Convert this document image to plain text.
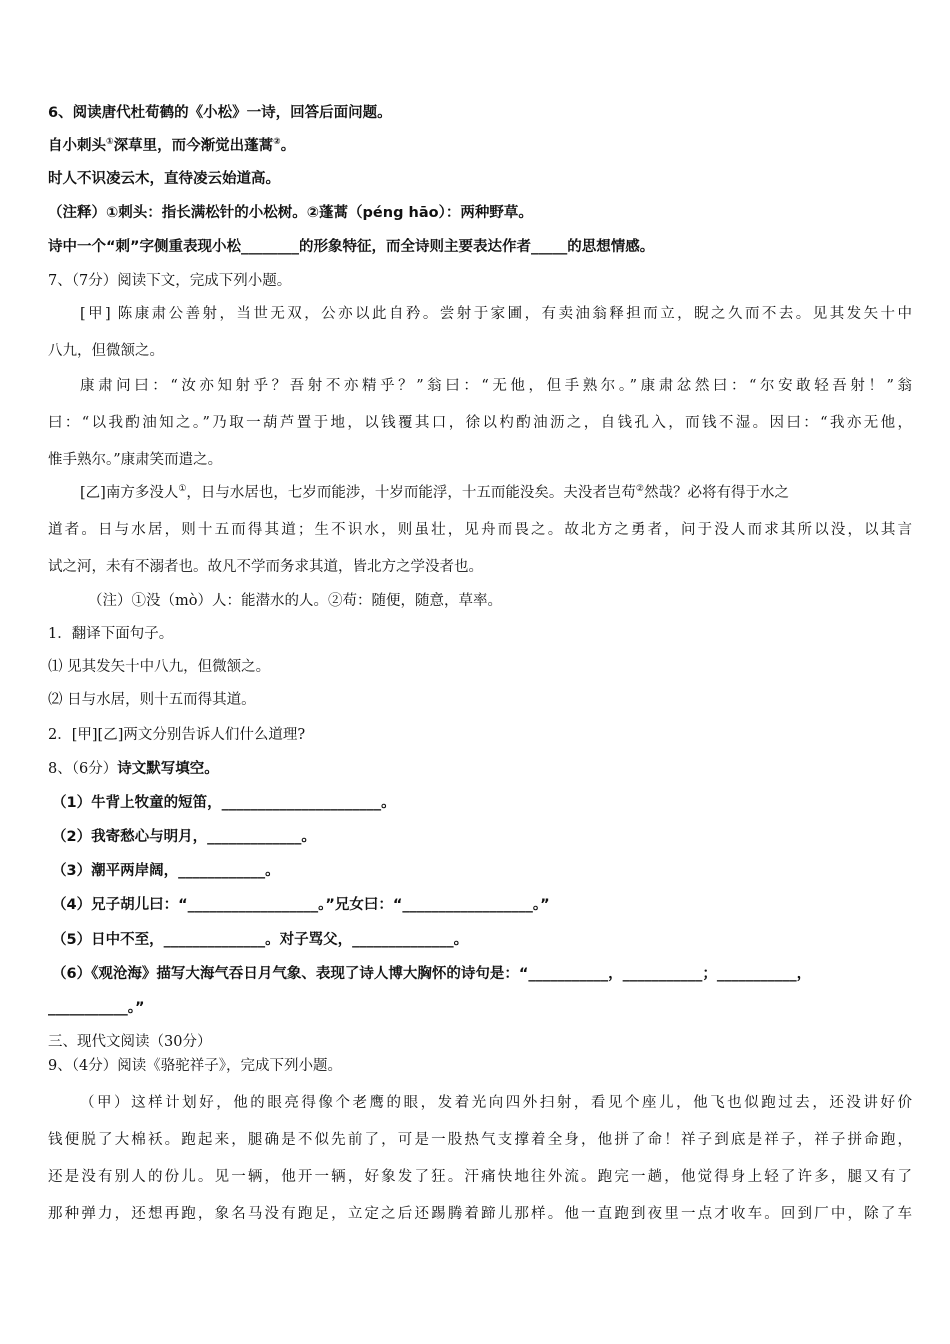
6、阅读唐代杜荀鹤的《小松》一诗，回答后面问题。
自小刺头①深草里，而今渐觉出蓬蒿②。
时人不识凌云木，直待凌云始道高。
（注释）①刺头：指长满松针的小松树。②蓬蒿（péng hāo）：两种野草。
诗中一个“刺”字侧重表现小松________的形象特征，而全诗则主要表达作者_____的思想情感。
7、（7分）阅读下文，完成下列小题。
[甲] 陈康肃公善射，当世无双，公亦以此自矜。尝射于家圃，有卖油翁释担而立，睨之久而不去。见其发矢十中
八九，但微颔之。
康肃问曰：“汝亦知射乎？吾射不亦精乎？”翁曰：“无他，但手熟尔。”康肃忿然曰：“尔安敢轻吾射！”翁
曰：“以我酌油知之。”乃取一葫芦置于地，以钱覆其口，徐以杓酌油沥之，自钱孔入，而钱不湿。因曰：“我亦无他，
惟手熟尔。”康肃笑而遣之。
[乙]南方多没人①，日与水居也，七岁而能涉，十岁而能浮，十五而能没矣。夫没者岂苟②然哉？必将有得于水之
道者。日与水居，则十五而得其道；生不识水，则虽壮，见舟而畏之。故北方之勇者，问于没人而求其所以没，以其言
试之河，未有不溺者也。故凡不学而务求其道，皆北方之学没者也。
（注）①没（mò）人：能潜水的人。②苟：随便，随意，草率。
1．翻译下面句子。
⑴ 见其发矢十中八九，但微颔之。
⑵ 日与水居，则十五而得其道。
2．[甲][乙]两文分别告诉人们什么道理?
8、（6分）诗文默写填空。
（1）牛背上牧童的短笛，______________________。
（2）我寄愁心与明月，_____________。
（3）潮平两岸阔，____________。
（4）兄子胡儿曰：“__________________。”兄女曰：“__________________。”
（5）日中不至，______________。对子骂父，______________。
（6）《观沧海》描写大海气吞日月气象、表现了诗人博大胸怀的诗句是：“___________，___________；___________，
___________。”
三、现代文阅读（30分）
9、（4分）阅读《骆驼祥子》，完成下列小题。
（甲）这样计划好，他的眼亮得像个老鹰的眼，发着光向四外扫射，看见个座儿，他飞也似跑过去，还没讲好价
钱便脱了大棉袄。跑起来，腿确是不似先前了，可是一股热气支撑着全身，他拼了命！祥子到底是祥子，祥子拼命跑，
还是没有别人的份儿。见一辆，他开一辆，好象发了狂。汗痛快地往外流。跑完一趟，他觉得身上轻了许多，腿又有了
那种弹力，还想再跑，象名马没有跑足，立定之后还踢腾着蹄儿那样。他一直跑到夜里一点才收车。回到厂中，除了车
